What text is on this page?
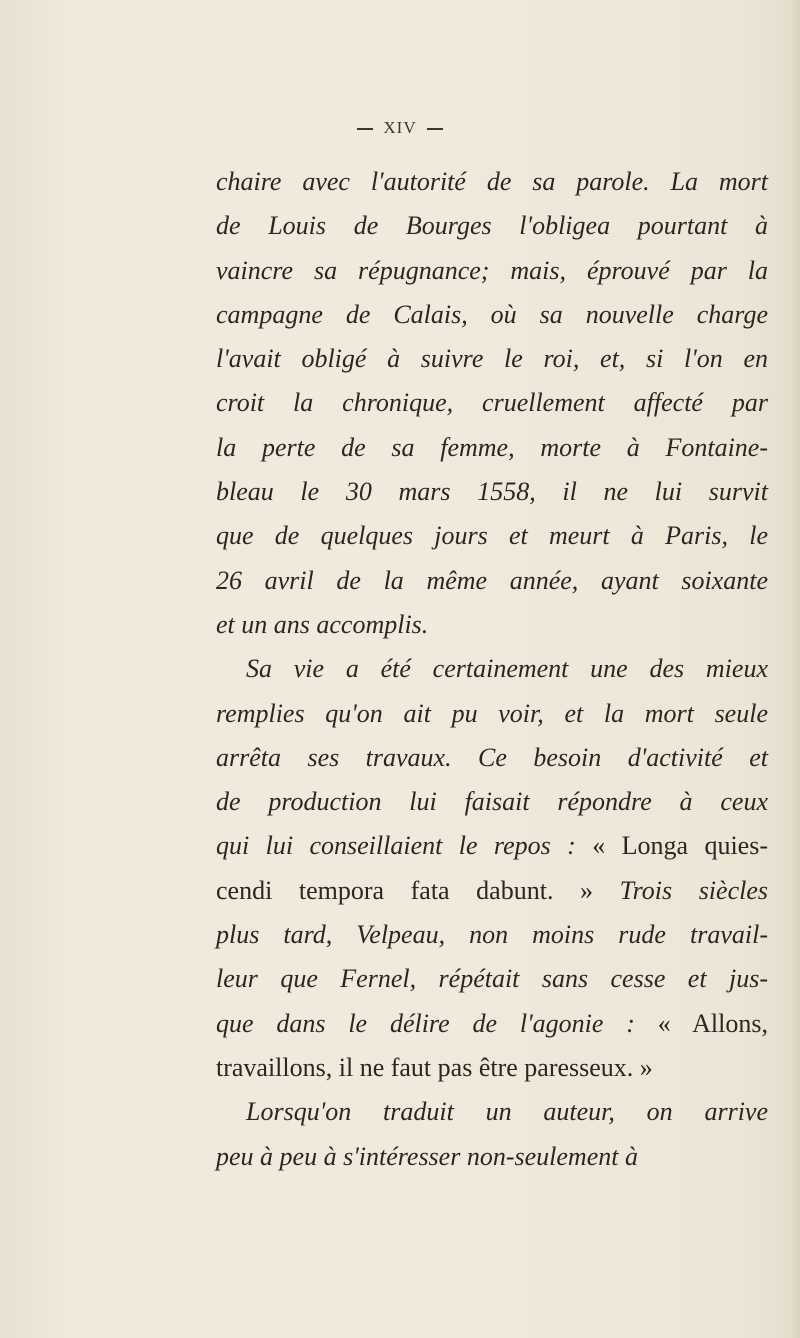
XIV
chaire avec l'autorité de sa parole. La mort
de Louis de Bourges l'obligea pourtant à
vaincre sa répugnance; mais, éprouvé par la
campagne de Calais, où sa nouvelle charge
l'avait obligé à suivre le roi, et, si l'on en
croit la chronique, cruellement affecté par
la perte de sa femme, morte à Fontaine-
bleau le 30 mars 1558, il ne lui survit
que de quelques jours et meurt à Paris, le
26 avril de la même année, ayant soixante
et un ans accomplis.
Sa vie a été certainement une des mieux
remplies qu'on ait pu voir, et la mort seule
arrêta ses travaux. Ce besoin d'activité et
de production lui faisait répondre à ceux
qui lui conseillaient le repos : « Longa quies-
cendi tempora fata dabunt. » Trois siècles
plus tard, Velpeau, non moins rude travail-
leur que Fernel, répétait sans cesse et jus-
que dans le délire de l'agonie : « Allons,
travaillons, il ne faut pas être paresseux. »
Lorsqu'on traduit un auteur, on arrive
peu à peu à s'intéresser non-seulement à
